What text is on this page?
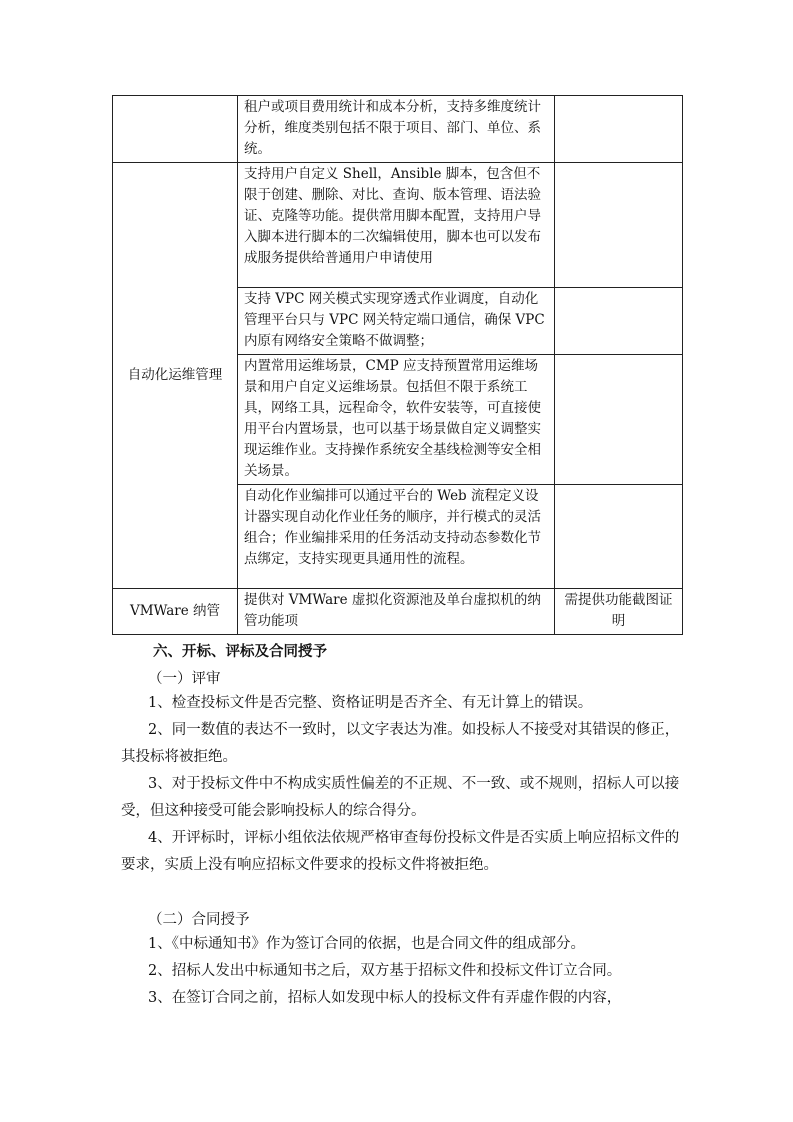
	租户或项目费用统计和成本分析，支持多维度统计分析，维度类别包括不限于项目、部门、单位、系统。	
自动化运维管理	支持用户自定义 Shell，Ansible 脚本，包含但不限于创建、删除、对比、查询、版本管理、语法验证、克隆等功能。提供常用脚本配置，支持用户导入脚本进行脚本的二次编辑使用，脚本也可以发布成服务提供给普通用户申请使用	
	支持 VPC 网关模式实现穿透式作业调度，自动化管理平台只与 VPC 网关特定端口通信，确保 VPC 内原有网络安全策略不做调整；	
	内置常用运维场景，CMP 应支持预置常用运维场景和用户自定义运维场景。包括但不限于系统工具，网络工具，远程命令，软件安装等，可直接使用平台内置场景，也可以基于场景做自定义调整实现运维作业。支持操作系统安全基线检测等安全相关场景。	
	自动化作业编排可以通过平台的 Web 流程定义设计器实现自动化作业任务的顺序，并行模式的灵活组合；作业编排采用的任务活动支持动态参数化节点绑定，支持实现更具通用性的流程。	
VMWare 纳管	提供对 VMWare 虚拟化资源池及单台虚拟机的纳管功能项	需提供功能截图证明
六、开标、评标及合同授予
（一）评审
1、检查投标文件是否完整、资格证明是否齐全、有无计算上的错误。
2、同一数值的表达不一致时，以文字表达为准。如投标人不接受对其错误的修正，其投标将被拒绝。
3、对于投标文件中不构成实质性偏差的不正规、不一致、或不规则，招标人可以接受，但这种接受可能会影响投标人的综合得分。
4、开评标时，评标小组依法依规严格审查每份投标文件是否实质上响应招标文件的要求，实质上没有响应招标文件要求的投标文件将被拒绝。
（二）合同授予
1、《中标通知书》作为签订合同的依据，也是合同文件的组成部分。
2、招标人发出中标通知书之后，双方基于招标文件和投标文件订立合同。
3、在签订合同之前，招标人如发现中标人的投标文件有弄虚作假的内容，
